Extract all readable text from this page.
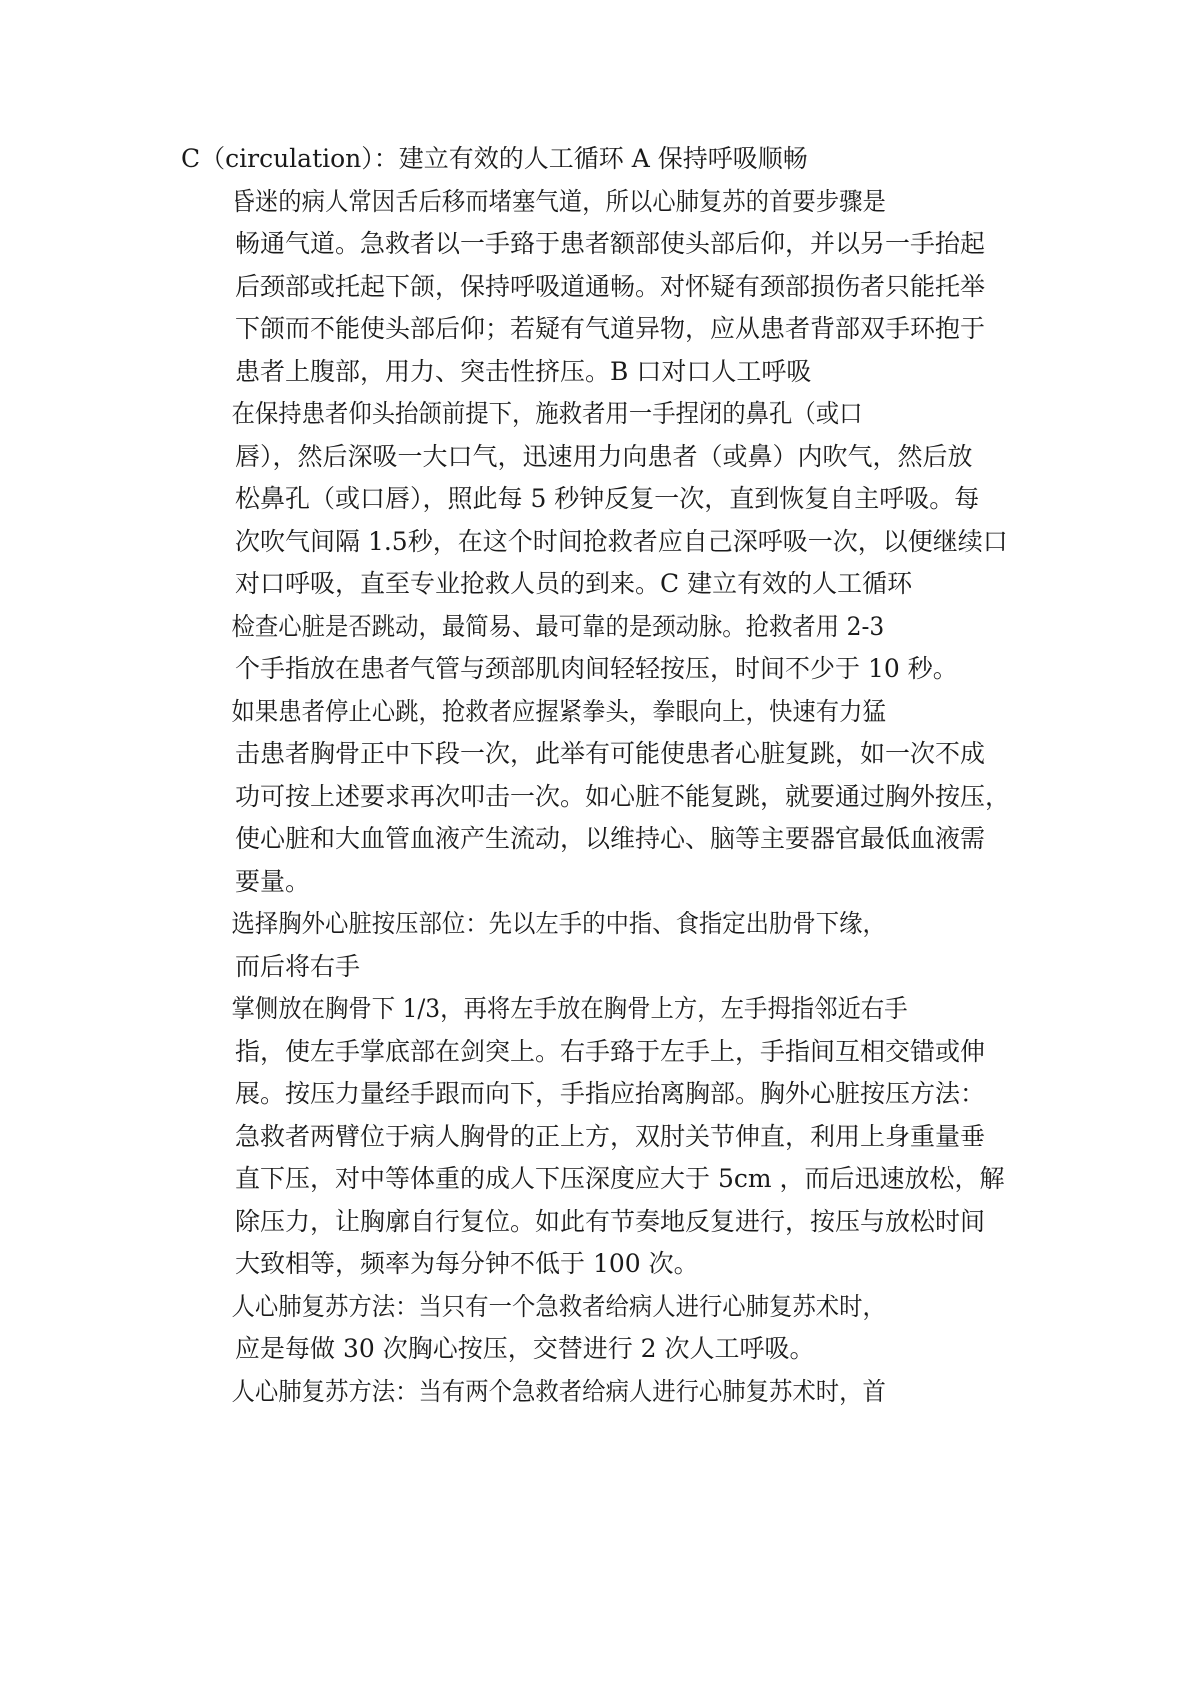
C（circulation）：建立有效的人工循环 A 保持呼吸顺畅

昏迷的病人常因舌后移而堵塞气道，所以心肺复苏的首要步骤是
畅通气道。急救者以一手臵于患者额部使头部后仰，并以另一手抬起
后颈部或托起下颌，保持呼吸道通畅。对怀疑有颈部损伤者只能托举
下颌而不能使头部后仰；若疑有气道异物，应从患者背部双手环抱于
患者上腹部，用力、突击性挤压。B 口对口人工呼吸

在保持患者仰头抬颌前提下，施救者用一手捏闭的鼻孔（或口
唇），然后深吸一大口气，迅速用力向患者（或鼻）内吹气，然后放
松鼻孔（或口唇），照此每 5 秒钟反复一次，直到恢复自主呼吸。每
次吹气间隔 1.5秒，在这个时间抢救者应自己深呼吸一次，以便继续口
对口呼吸，直至专业抢救人员的到来。C 建立有效的人工循环

检查心脏是否跳动，最简易、最可靠的是颈动脉。抢救者用 2-3
个手指放在患者气管与颈部肌肉间轻轻按压，时间不少于 10 秒。

如果患者停止心跳，抢救者应握紧拳头，拳眼向上，快速有力猛
击患者胸骨正中下段一次，此举有可能使患者心脏复跳，如一次不成
功可按上述要求再次叩击一次。如心脏不能复跳，就要通过胸外按压，
使心脏和大血管血液产生流动，以维持心、脑等主要器官最低血液需
要量。

选择胸外心脏按压部位：先以左手的中指、食指定出肋骨下缘，
而后将右手

掌侧放在胸骨下 1/3，再将左手放在胸骨上方，左手拇指邻近右手
指，使左手掌底部在剑突上。右手臵于左手上，手指间互相交错或伸
展。按压力量经手跟而向下，手指应抬离胸部。胸外心脏按压方法：
急救者两臂位于病人胸骨的正上方，双肘关节伸直，利用上身重量垂
直下压，对中等体重的成人下压深度应大于 5cm ，而后迅速放松，解
除压力，让胸廓自行复位。如此有节奏地反复进行，按压与放松时间
大致相等，频率为每分钟不低于 100 次。

人心肺复苏方法：当只有一个急救者给病人进行心肺复苏术时，
应是每做 30 次胸心按压，交替进行 2 次人工呼吸。

人心肺复苏方法：当有两个急救者给病人进行心肺复苏术时，首
